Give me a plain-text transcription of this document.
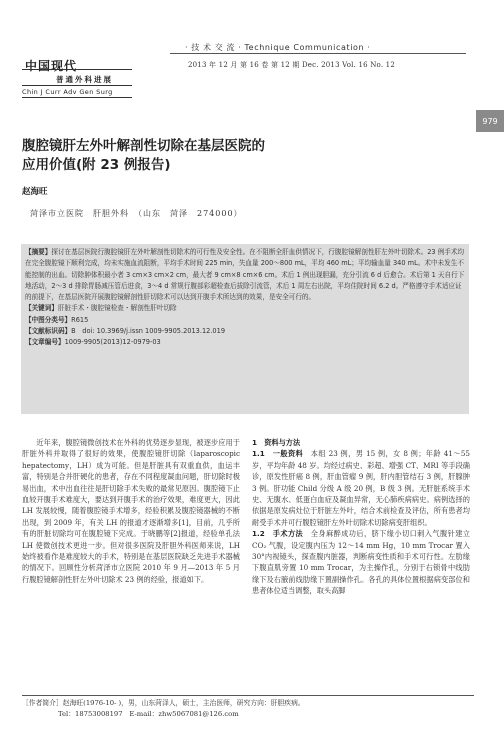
· 技 术 交 流 · Technique Communication ·
中国现代
普通外科进展
Chin J Curr Adv Gen Surg
2013 年 12 月 第 16 卷 第 12 期 Dec. 2013 Vol. 16 No. 12
979
腹腔镜肝左外叶解剖性切除在基层医院的
应用价值(附 23 例报告)
赵海旺
菏泽市立医院　肝胆外科　（山东　菏泽　274000）

【摘要】探讨在基层医院行腹腔镜肝左外叶解剖性切除术的可行性及安全性。在不阻断全肝血供情况下，行腹腔镜解剖性肝左外叶切除术。23 例手术均在完全腹腔镜下顺利完成，均未实施血流阻断，平均手术时间 225 min，失血量 200～800 mL，平均 460 mL；平均输血量 340 mL。术中未发生不能控制的出血。切除肿体积最小者 3 cm×3 cm×2 cm，最大者 9 cm×8 cm×6 cm。术后 1 例出现胆漏，充分引流 6 d 后愈合。术后第 1 天自行下地活动，2～3 d 排除胃肠减压管后进食，3～4 d 常规行腹部彩超检查后拔除引流管，术后 1 周左右出院，平均住院时间 6.2 d。严格遵守手术适应证的前提下，在基层医院开展腹腔镜解剖性肝切除术可以达到开腹手术所达到的效果，是安全可行的。

【关键词】肝脏手术・腹腔镜检查・解剖性肝叶切除

【中图分类号】R615

【文献标识码】B　doi: 10.3969/j.issn 1009-9905.2013.12.019

【文章编号】1009-9905(2013)12-0979-03

近年来，腹腔镜微创技术在外科的优势逐步显现，被逐步应用于肝脏外科并取得了很好的效果，使腹腔镜肝切除（laparoscopic hepatectomy，LH）成为可能。但是肝脏具有双重血供，血运丰富，特别是合并肝硬化的患者，存在不同程度凝血问题，肝切除时极易出血，术中出血往往是肝切除手术失败的最常见原因。腹腔镜下止血较开腹手术难度大，要达到开腹手术的治疗效果，难度更大，因此 LH 发展较慢，随着腹腔镜手术增多，经验积累及腹腔镜器械的不断出现，到 2009 年，有关 LH 的报道才逐渐增多[1]，目前，几乎所有的肝脏切除均可在腹腔镜下完成。于晓鹏等[2]报道，经验单孔法 LH 使微创技术更进一步。但对很多医院及肝胆外科医师来说，LH 始终被看作是难度较大的手术，特别是在基层医院缺乏先进手术器械的情况下。回顾性分析菏泽市立医院 2010 年 9 月—2013 年 5 月行腹腔镜解剖性肝左外叶切除术 23 例的经验，报道如下。

1　资料与方法

1.1　一般资料　 本组 23 例，男 15 例，女 8 例；年龄 41～55 岁，平均年龄 48 岁。均经过病史、彩超、增强 CT、MRI 等手段确诊，原发性肝癌 8 例，肝血管瘤 9 例，肝内胆管结石 3 例，肝腺肿 3 例。肝功能 Child 分级 A 级 20 例，B 级 3 例。无肝脏系统手术史、无腹水、低蛋白血症及凝血异常，无心肺疾病病史。病例选择的依据是原发病灶位于肝脏左外叶，结合术前检查及评估，所有患者均耐受手术并可行腹腔镜肝左外叶切除术切除病变肝组织。

1.2　手术方法　 全身麻醉成功后，脐下缘小切口刺入气腹针建立 CO₂ 气腹，设定腹内压为 12～14 mm Hg，10 mm Trocar 置入 30°内视镜头，探查腹内脏器，判断病变性质和手术可行性。左肋缘下腹直肌旁置 10 mm Trocar，为主操作孔，分别于右锁骨中线肋缘下及右腋前线肋缘下置副操作孔。各孔的具体位置根据病变部位和患者体位适当调整，取头高脚

［作者简介］赵海旺(1976-10- )，男，山东菏泽人，硕士，主治医师，研究方向：肝胆疾病。
Tel：18753008197　E-mail：zhw5067081@126.com
